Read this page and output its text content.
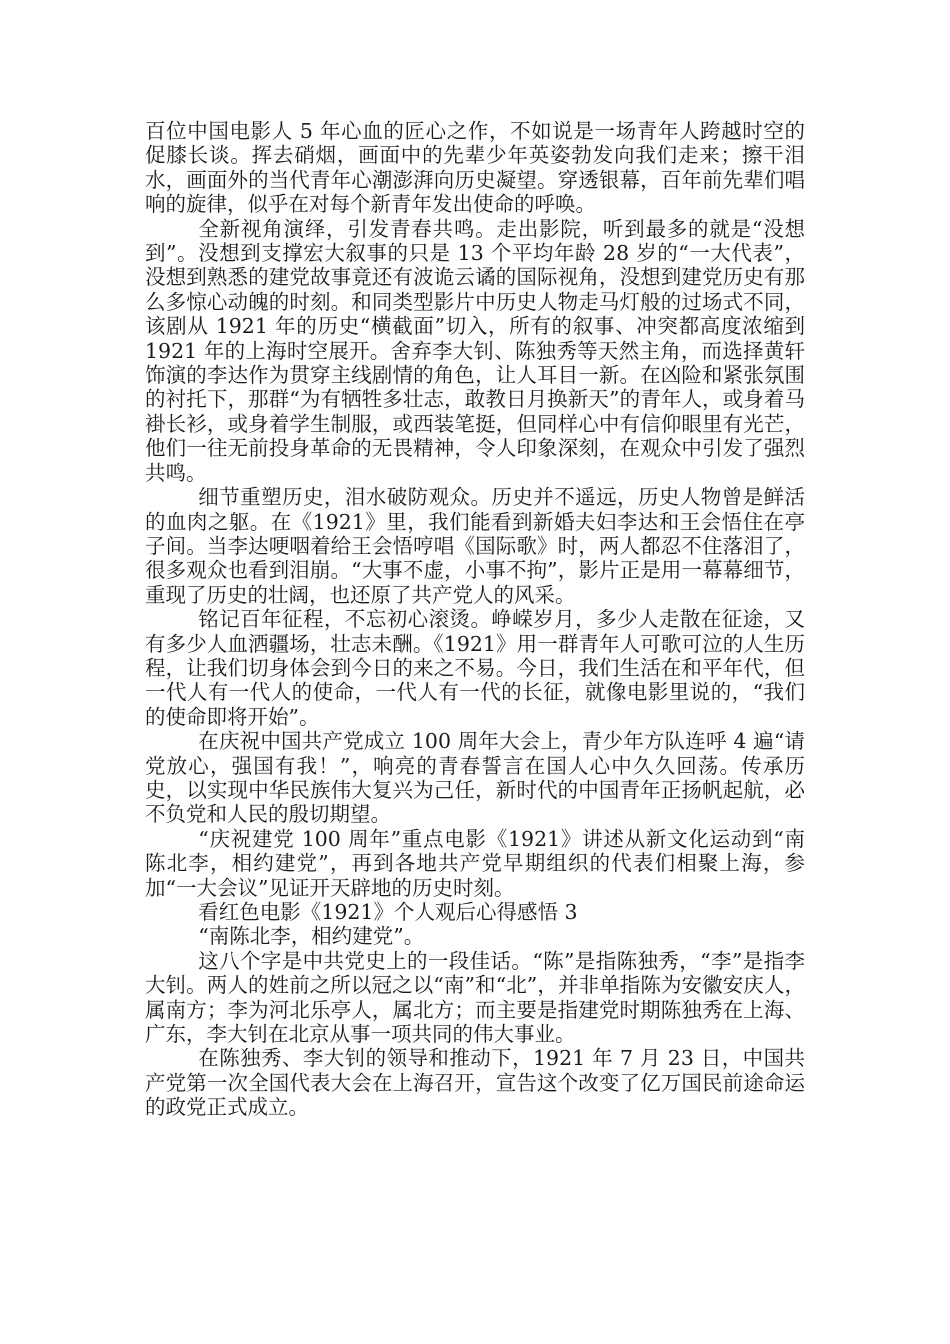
百位中国电影人 5 年心血的匠心之作，不如说是一场青年人跨越时空的促膝长谈。挥去硝烟，画面中的先辈少年英姿勃发向我们走来；擦干泪水，画面外的当代青年心潮澎湃向历史凝望。穿透银幕，百年前先辈们唱响的旋律，似乎在对每个新青年发出使命的呼唤。

全新视角演绎，引发青春共鸣。走出影院，听到最多的就是“没想到”。没想到支撑宏大叙事的只是 13 个平均年龄 28 岁的“一大代表”，没想到熟悉的建党故事竟还有波诡云谲的国际视角，没想到建党历史有那么多惊心动魄的时刻。和同类型影片中历史人物走马灯般的过场式不同，该剧从 1921 年的历史“横截面”切入，所有的叙事、冲突都高度浓缩到 1921 年的上海时空展开。舍弃李大钊、陈独秀等天然主角，而选择黄轩饰演的李达作为贯穿主线剧情的角色，让人耳目一新。在凶险和紧张氛围的衬托下，那群“为有牺牲多壮志，敢教日月换新天”的青年人，或身着马褂长衫，或身着学生制服，或西装笔挺，但同样心中有信仰眼里有光芒，他们一往无前投身革命的无畏精神，令人印象深刻，在观众中引发了强烈共鸣。

细节重塑历史，泪水破防观众。历史并不遥远，历史人物曾是鲜活的血肉之躯。在《1921》里，我们能看到新婚夫妇李达和王会悟住在亭子间。当李达哽咽着给王会悟哼唱《国际歌》时，两人都忍不住落泪了，很多观众也看到泪崩。“大事不虚，小事不拘”，影片正是用一幕幕细节，重现了历史的壮阔，也还原了共产党人的风采。

铭记百年征程，不忘初心滚烫。峥嵘岁月，多少人走散在征途，又有多少人血洒疆场，壮志未酬。《1921》用一群青年人可歌可泣的人生历程，让我们切身体会到今日的来之不易。今日，我们生活在和平年代，但一代人有一代人的使命，一代人有一代的长征，就像电影里说的，“我们的使命即将开始”。

在庆祝中国共产党成立 100 周年大会上，青少年方队连呼 4 遍“请党放心，强国有我！”，响亮的青春誓言在国人心中久久回荡。传承历史，以实现中华民族伟大复兴为己任，新时代的中国青年正扬帆起航，必不负党和人民的殷切期望。

“庆祝建党 100 周年”重点电影《1921》讲述从新文化运动到“南陈北李，相约建党”，再到各地共产党早期组织的代表们相聚上海，参加“一大会议”见证开天辟地的历史时刻。

看红色电影《1921》个人观后心得感悟 3

“南陈北李，相约建党”。

这八个字是中共党史上的一段佳话。“陈”是指陈独秀，“李”是指李大钊。两人的姓前之所以冠之以“南”和“北”，并非单指陈为安徽安庆人，属南方；李为河北乐亭人，属北方；而主要是指建党时期陈独秀在上海、广东，李大钊在北京从事一项共同的伟大事业。

在陈独秀、李大钊的领导和推动下，1921 年 7 月 23 日，中国共产党第一次全国代表大会在上海召开，宣告这个改变了亿万国民前途命运的政党正式成立。
